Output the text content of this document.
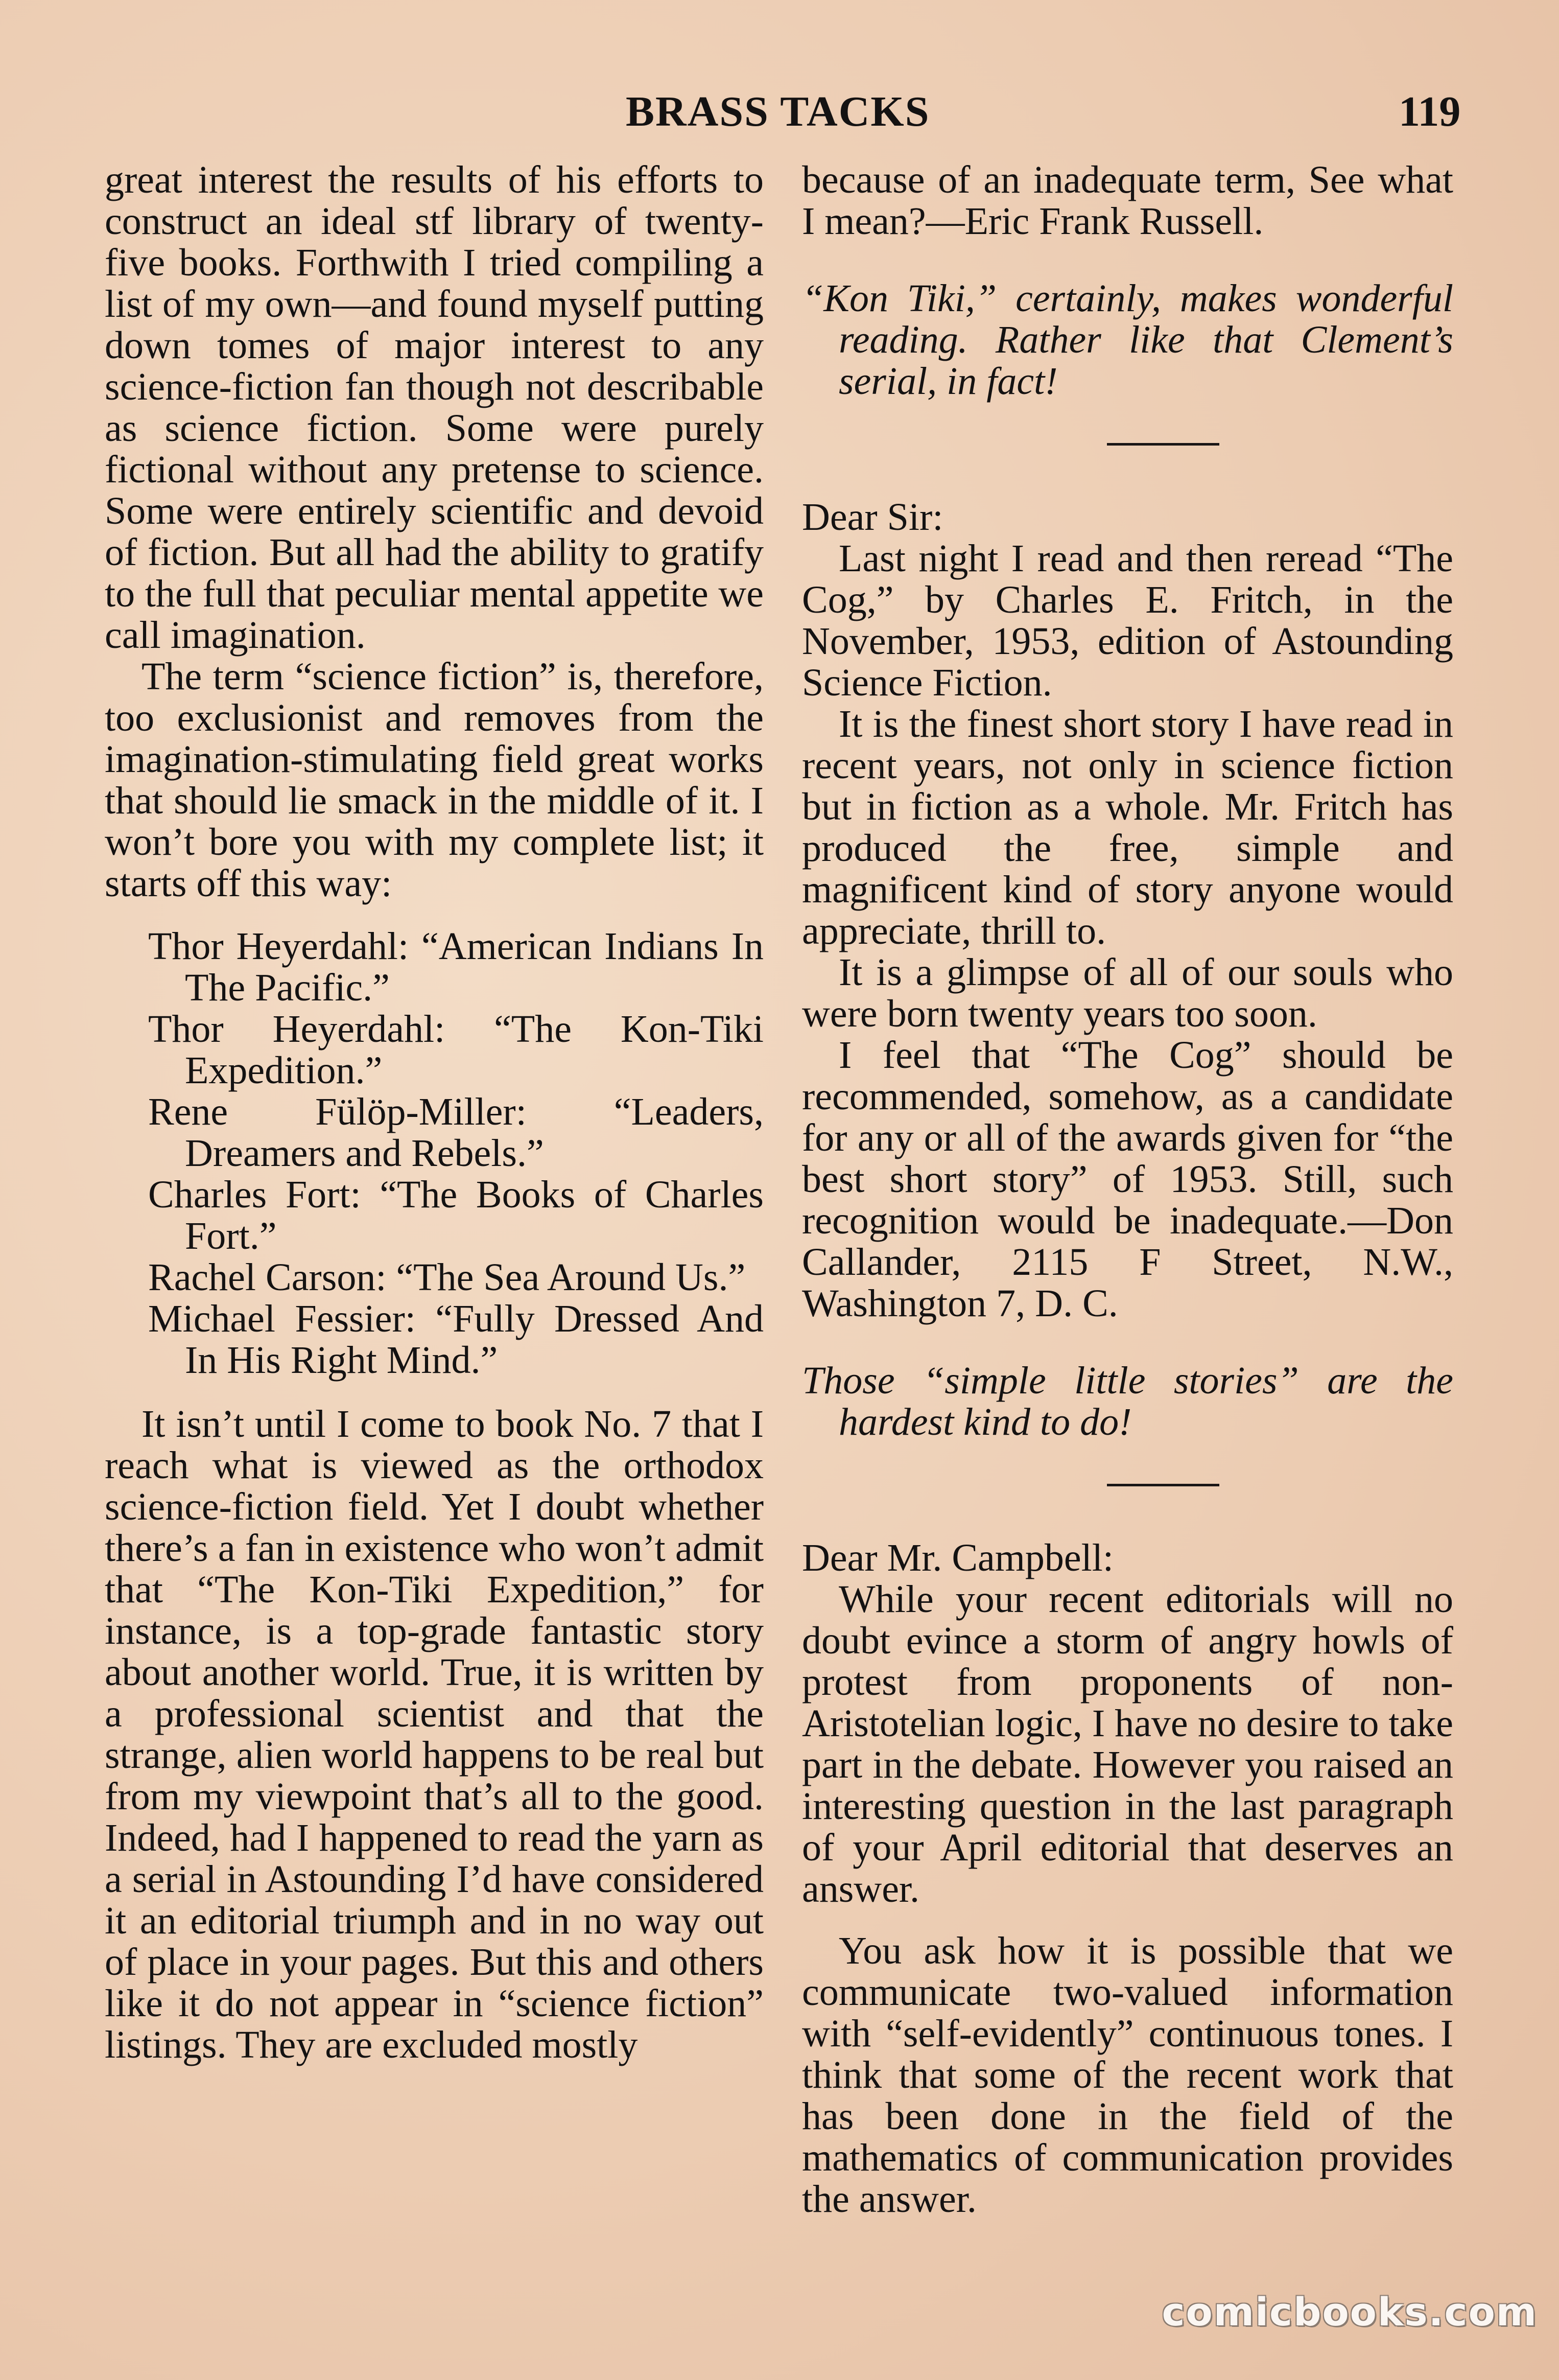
BRASS TACKS	119

great interest the results of his efforts to construct an ideal stf library of twenty-five books. Forthwith I tried compiling a list of my own—and found myself putting down tomes of major interest to any science-fiction fan though not describable as science fiction. Some were purely fictional without any pretense to science. Some were entirely scientific and devoid of fiction. But all had the ability to gratify to the full that peculiar mental appetite we call imagination.

The term “science fiction” is, therefore, too exclusionist and removes from the imagination-stimulating field great works that should lie smack in the middle of it. I won’t bore you with my complete list; it starts off this way:

Thor Heyerdahl: “American Indians In The Pacific.”
Thor Heyerdahl: “The Kon-Tiki Expedition.”
Rene Fülöp-Miller: “Leaders, Dreamers and Rebels.”
Charles Fort: “The Books of Charles Fort.”
Rachel Carson: “The Sea Around Us.”
Michael Fessier: “Fully Dressed And In His Right Mind.”

It isn’t until I come to book No. 7 that I reach what is viewed as the orthodox science-fiction field. Yet I doubt whether there’s a fan in existence who won’t admit that “The Kon-Tiki Expedition,” for instance, is a top-grade fantastic story about another world. True, it is written by a professional scientist and that the strange, alien world happens to be real but from my viewpoint that’s all to the good. Indeed, had I happened to read the yarn as a serial in Astounding I’d have considered it an editorial triumph and in no way out of place in your pages. But this and others like it do not appear in “science fiction” listings. They are excluded mostly

because of an inadequate term, See what I mean?—Eric Frank Russell.

“Kon Tiki,” certainly, makes wonderful reading. Rather like that Clement’s serial, in fact!

Dear Sir:

Last night I read and then reread “The Cog,” by Charles E. Fritch, in the November, 1953, edition of Astounding Science Fiction.

It is the finest short story I have read in recent years, not only in science fiction but in fiction as a whole. Mr. Fritch has produced the free, simple and magnificent kind of story anyone would appreciate, thrill to.

It is a glimpse of all of our souls who were born twenty years too soon.

I feel that “The Cog” should be recommended, somehow, as a candidate for any or all of the awards given for “the best short story” of 1953. Still, such recognition would be inadequate.—Don Callander, 2115 F Street, N.W., Washington 7, D. C.

Those “simple little stories” are the hardest kind to do!

Dear Mr. Campbell:

While your recent editorials will no doubt evince a storm of angry howls of protest from proponents of non-Aristotelian logic, I have no desire to take part in the debate. However you raised an interesting question in the last paragraph of your April editorial that deserves an answer.

You ask how it is possible that we communicate two-valued information with “self-evidently” continuous tones. I think that some of the recent work that has been done in the field of the mathematics of communication provides the answer.

comicbooks.com
